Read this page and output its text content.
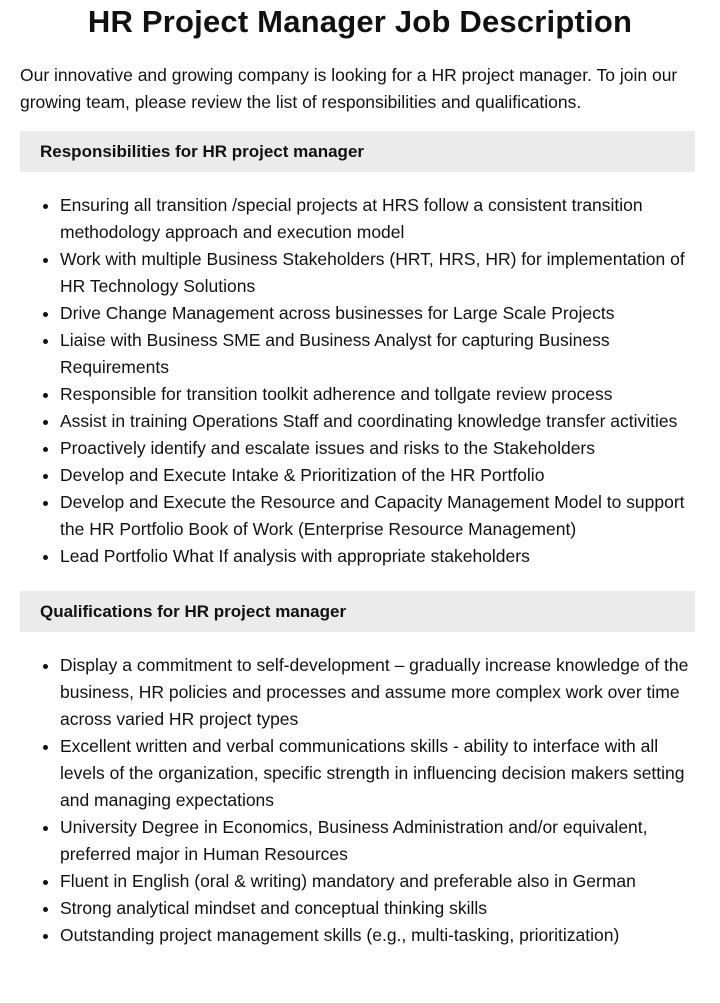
HR Project Manager Job Description

Our innovative and growing company is looking for a HR project manager. To join our growing team, please review the list of responsibilities and qualifications.

Responsibilities for HR project manager
• Ensuring all transition /special projects at HRS follow a consistent transition methodology approach and execution model
• Work with multiple Business Stakeholders (HRT, HRS, HR) for implementation of HR Technology Solutions
• Drive Change Management across businesses for Large Scale Projects
• Liaise with Business SME and Business Analyst for capturing Business Requirements
• Responsible for transition toolkit adherence and tollgate review process
• Assist in training Operations Staff and coordinating knowledge transfer activities
• Proactively identify and escalate issues and risks to the Stakeholders
• Develop and Execute Intake & Prioritization of the HR Portfolio
• Develop and Execute the Resource and Capacity Management Model to support the HR Portfolio Book of Work (Enterprise Resource Management)
• Lead Portfolio What If analysis with appropriate stakeholders
Qualifications for HR project manager
• Display a commitment to self-development – gradually increase knowledge of the business, HR policies and processes and assume more complex work over time across varied HR project types
• Excellent written and verbal communications skills - ability to interface with all levels of the organization, specific strength in influencing decision makers setting and managing expectations
• University Degree in Economics, Business Administration and/or equivalent, preferred major in Human Resources
• Fluent in English (oral & writing) mandatory and preferable also in German
• Strong analytical mindset and conceptual thinking skills
• Outstanding project management skills (e.g., multi-tasking, prioritization)
